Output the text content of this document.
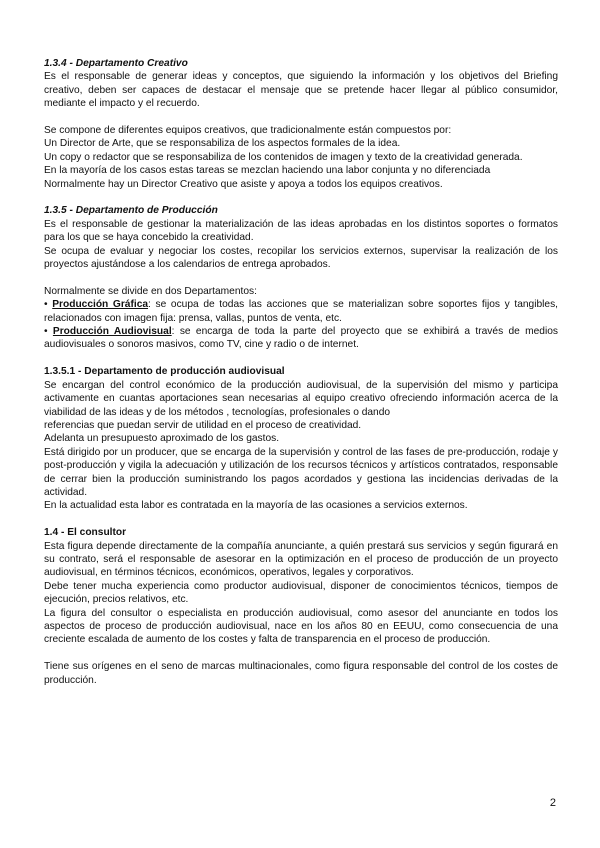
1.3.4 - Departamento Creativo

Es el responsable de generar ideas y conceptos, que siguiendo la información y los objetivos del Briefing creativo, deben ser capaces de destacar el mensaje que se pretende hacer llegar al público consumidor, mediante el impacto y el recuerdo.

Se compone de diferentes equipos creativos, que tradicionalmente están compuestos por:

Un Director de Arte, que se responsabiliza de los aspectos formales de la idea.

Un copy o redactor que se responsabiliza de los contenidos de imagen y texto de la creatividad generada.

En la mayoría de los casos estas tareas se mezclan haciendo una labor conjunta y no diferenciada

Normalmente hay un Director Creativo que asiste y apoya a todos los equipos creativos.

1.3.5 - Departamento de Producción

Es el responsable de gestionar la materialización de las ideas aprobadas en los distintos soportes o formatos para los que se haya concebido la creatividad.

Se ocupa de evaluar y negociar los costes, recopilar los servicios externos, supervisar la realización de los proyectos ajustándose a los calendarios de entrega aprobados.

Normalmente se divide en dos Departamentos:

• Producción Gráfica: se ocupa de todas las acciones que se materializan sobre soportes fijos y tangibles, relacionados con imagen fija: prensa, vallas, puntos de venta, etc.

• Producción Audiovisual: se encarga de toda la parte del proyecto que se exhibirá a través de medios audiovisuales o sonoros masivos, como TV, cine y radio o de internet.

1.3.5.1 - Departamento de producción audiovisual

Se encargan del control económico de la producción audiovisual, de la supervisión del mismo y participa activamente en cuantas aportaciones sean necesarias al equipo creativo ofreciendo información acerca de la viabilidad de las ideas y de los métodos , tecnologías, profesionales o dando

referencias que puedan servir de utilidad en el proceso de creatividad.

Adelanta un presupuesto aproximado de los gastos.

Está dirigido por un producer, que se encarga de la supervisión y control de las fases de pre-producción, rodaje y post-producción y vigila la adecuación y utilización de los recursos técnicos y artísticos contratados, responsable de cerrar bien la producción suministrando los pagos acordados y gestiona las incidencias derivadas de la actividad.

En la actualidad esta labor es contratada en la mayoría de las ocasiones a servicios externos.

1.4 - El consultor

Esta figura depende directamente de la compañía anunciante, a quién prestará sus servicios y según figurará en su contrato, será el responsable de asesorar en la optimización en el proceso de producción de un proyecto audiovisual, en términos técnicos, económicos, operativos, legales y corporativos.

Debe tener mucha experiencia como productor audiovisual, disponer de conocimientos técnicos, tiempos de ejecución, precios relativos, etc.

La figura del consultor o especialista en producción audiovisual, como asesor del anunciante en todos los aspectos de proceso de producción audiovisual, nace en los años 80 en EEUU, como consecuencia de una creciente escalada de aumento de los costes y falta de transparencia en el proceso de producción.

Tiene sus orígenes en el seno de marcas multinacionales, como figura responsable del control de los costes de producción.

2
